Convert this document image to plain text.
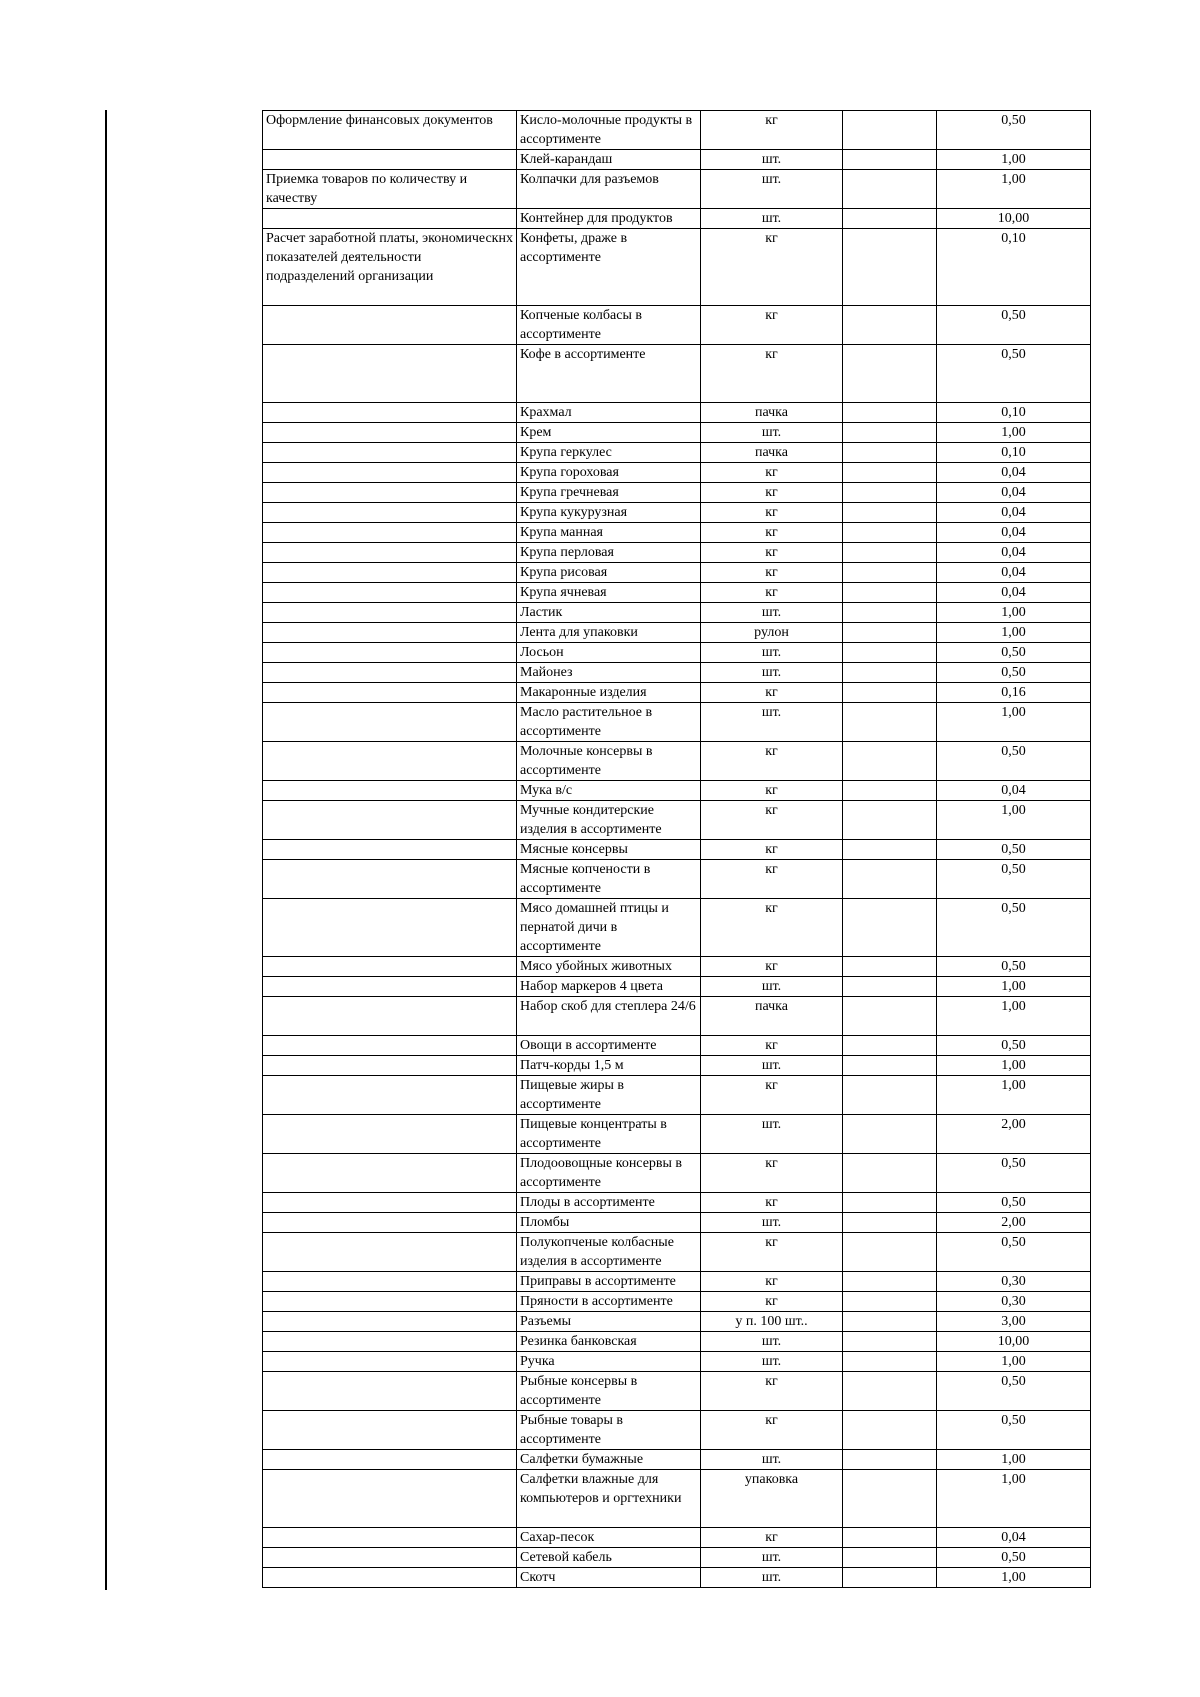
Оформление финансовых документов	Кисло-молочные продукты в ассортименте	кг		0,50
	Клей-карандаш	шт.		1,00
Приемка товаров по количеству и качеству	Колпачки для разъемов	шт.		1,00
	Контейнер для продуктов	шт.		10,00
Расчет заработной платы, экономическнх показателей деятельности подразделений организации	Конфеты, драже в ассортименте	кг		0,10
	Копченые колбасы в ассортименте	кг		0,50
	Кофе в ассортименте	кг		0,50
	Крахмал	пачка		0,10
	Крем	шт.		1,00
	Крупа геркулес	пачка		0,10
	Крупа гороховая	кг		0,04
	Крупа гречневая	кг		0,04
	Крупа кукурузная	кг		0,04
	Крупа манная	кг		0,04
	Крупа перловая	кг		0,04
	Крупа рисовая	кг		0,04
	Крупа ячневая	кг		0,04
	Ластик	шт.		1,00
	Лента для упаковки	рулон		1,00
	Лосьон	шт.		0,50
	Майонез	шт.		0,50
	Макаронные изделия	кг		0,16
	Масло растительное в ассортименте	шт.		1,00
	Молочные консервы в ассортименте	кг		0,50
	Мука в/с	кг		0,04
	Мучные кондитерские изделия в ассортименте	кг		1,00
	Мясные консервы	кг		0,50
	Мясные копчености в ассортименте	кг		0,50
	Мясо домашней птицы и пернатой дичи в ассортименте	кг		0,50
	Мясо убойных животных	кг		0,50
	Набор маркеров 4 цвета	шт.		1,00
	Набор скоб для степлера 24/6	пачка		1,00
	Овощи в ассортименте	кг		0,50
	Патч-корды 1,5 м	шт.		1,00
	Пищевые жиры в ассортименте	кг		1,00
	Пищевые концентраты в ассортименте	шт.		2,00
	Плодоовощные консервы в ассортименте	кг		0,50
	Плоды в ассортименте	кг		0,50
	Пломбы	шт.		2,00
	Полукопченые колбасные изделия в ассортименте	кг		0,50
	Приправы в ассортименте	кг		0,30
	Пряности в ассортименте	кг		0,30
	Разъемы	у п. 100 шт..		3,00
	Резинка банковская	шт.		10,00
	Ручка	шт.		1,00
	Рыбные консервы в ассортименте	кг		0,50
	Рыбные товары в ассортименте	кг		0,50
	Салфетки бумажные	шт.		1,00
	Салфетки влажные для компьютеров и оргтехники	упаковка		1,00
	Сахар-песок	кг		0,04
	Сетевой кабель	шт.		0,50
	Скотч	шт.		1,00
